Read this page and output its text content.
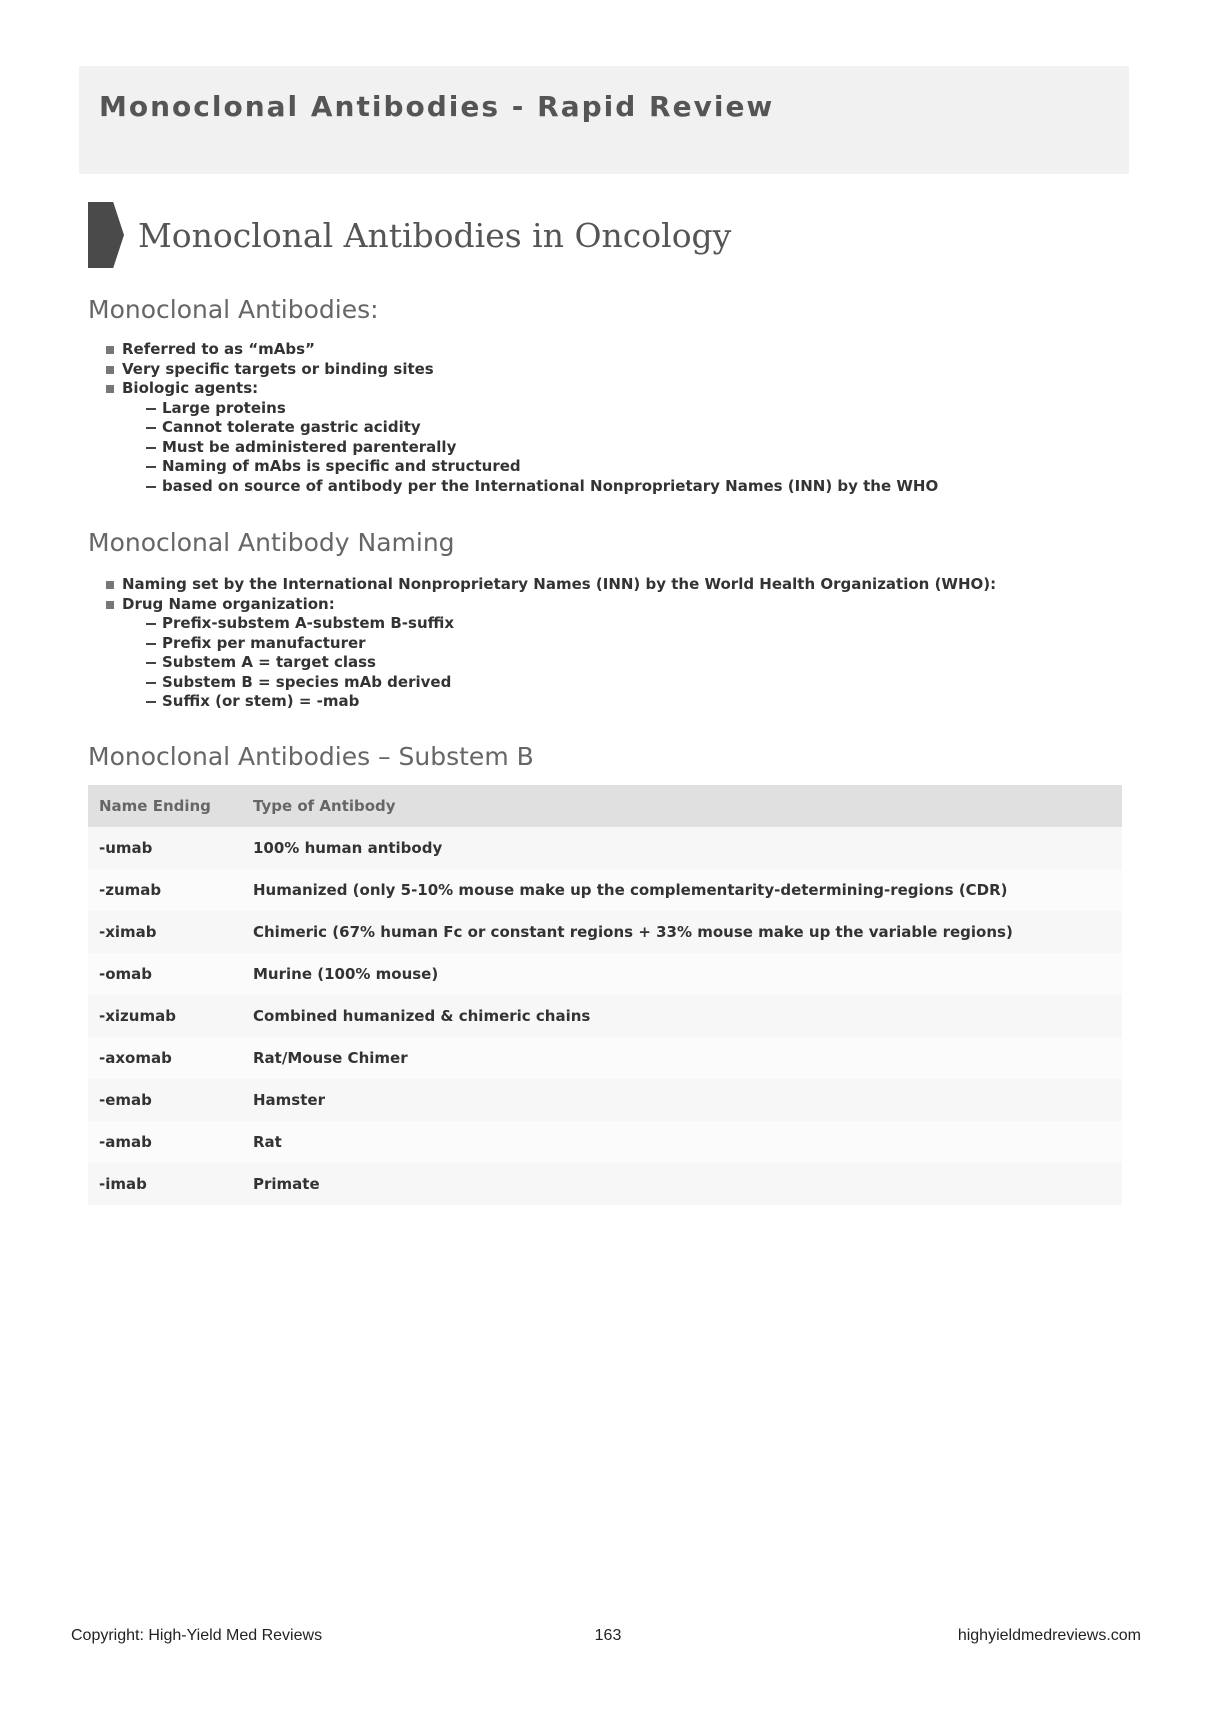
Monoclonal Antibodies - Rapid Review
Monoclonal Antibodies in Oncology
Monoclonal Antibodies:
Referred to as “mAbs”
Very specific targets or binding sites
Biologic agents:
Large proteins
Cannot tolerate gastric acidity
Must be administered parenterally
Naming of mAbs is specific and structured
based on source of antibody per the International Nonproprietary Names (INN) by the WHO
Monoclonal Antibody Naming
Naming set by the International Nonproprietary Names (INN) by the World Health Organization (WHO):
Drug Name organization:
Prefix-substem A-substem B-suffix
Prefix per manufacturer
Substem A = target class
Substem B = species mAb derived
Suffix (or stem) = -mab
Monoclonal Antibodies – Substem B
Name Ending	Type of Antibody
-umab	100% human antibody
-zumab	Humanized (only 5-10% mouse make up the complementarity-determining-regions (CDR)
-ximab	Chimeric (67% human Fc or constant regions + 33% mouse make up the variable regions)
-omab	Murine (100% mouse)
-xizumab	Combined humanized & chimeric chains
-axomab	Rat/Mouse Chimer
-emab	Hamster
-amab	Rat
-imab	Primate
Copyright: High-Yield Med Reviews	163	highyieldmedreviews.com
